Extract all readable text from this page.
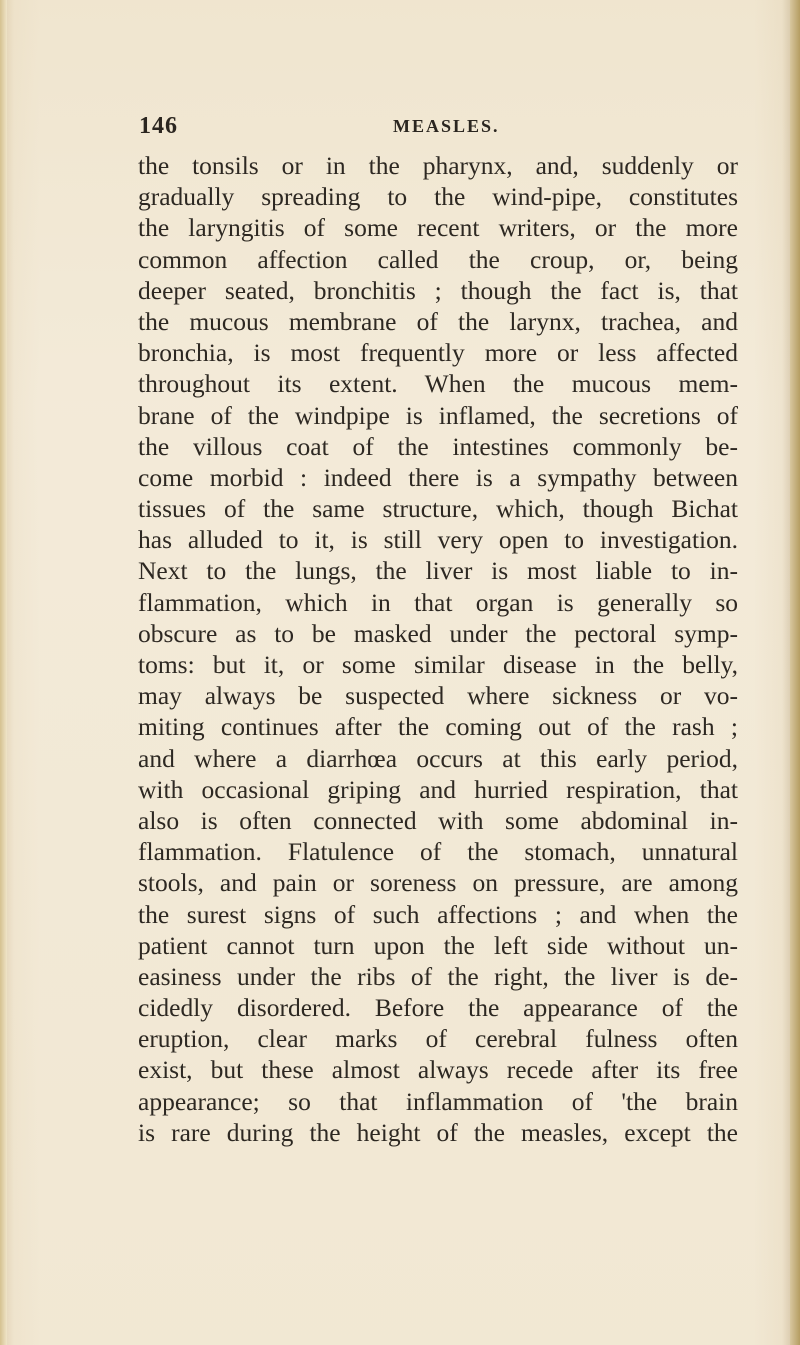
146	MEASLES.
the tonsils or in the pharynx, and, suddenly or
gradually spreading to the wind-pipe, constitutes
the laryngitis of some recent writers, or the more
common affection called the croup, or, being
deeper seated, bronchitis ; though the fact is, that
the mucous membrane of the larynx, trachea, and
bronchia, is most frequently more or less affected
throughout its extent. When the mucous mem-
brane of the windpipe is inflamed, the secretions of
the villous coat of the intestines commonly be-
come morbid : indeed there is a sympathy between
tissues of the same structure, which, though Bichat
has alluded to it, is still very open to investigation.
Next to the lungs, the liver is most liable to in-
flammation, which in that organ is generally so
obscure as to be masked under the pectoral symp-
toms: but it, or some similar disease in the belly,
may always be suspected where sickness or vo-
miting continues after the coming out of the rash ;
and where a diarrhœa occurs at this early period,
with occasional griping and hurried respiration, that
also is often connected with some abdominal in-
flammation. Flatulence of the stomach, unnatural
stools, and pain or soreness on pressure, are among
the surest signs of such affections ; and when the
patient cannot turn upon the left side without un-
easiness under the ribs of the right, the liver is de-
cidedly disordered. Before the appearance of the
eruption, clear marks of cerebral fulness often
exist, but these almost always recede after its free
appearance; so that inflammation of 'the brain
is rare during the height of the measles, except the
